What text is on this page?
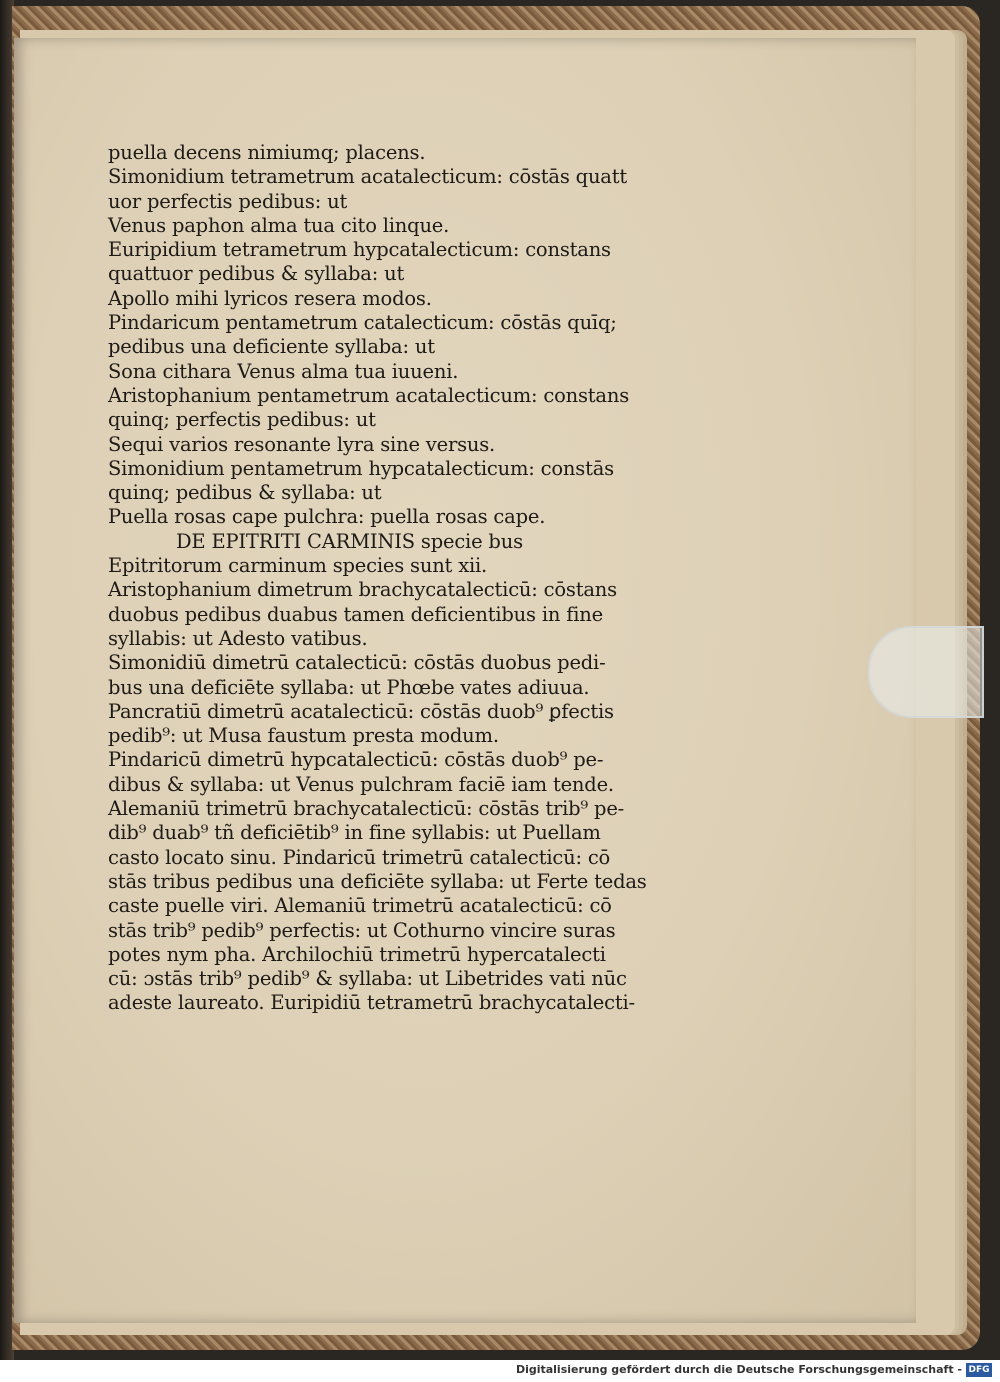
puella decens nimiumq; placens.
Simonidium tetrametrum acatalecticum: cōstās quatt
uor perfectis pedibus: ut
Venus paphon alma tua cito linque.
Euripidium tetrametrum hypcatalecticum: constans
quattuor pedibus & syllaba: ut
Apollo mihi lyricos resera modos.
Pindaricum pentametrum catalecticum: cōstās quīq;
pedibus una deficiente syllaba: ut
Sona cithara Venus alma tua iuueni.
Aristophanium pentametrum acatalecticum: constans
quinq; perfectis pedibus: ut
Sequi varios resonante lyra sine versus.
Simonidium pentametrum hypcatalecticum: constās
quinq; pedibus & syllaba: ut
Puella rosas cape pulchra: puella rosas cape.
DE EPITRITI CARMINIS specie bus
Epitritorum carminum species sunt xii.
Aristophanium dimetrum brachycatalecticū: cōstans
duobus pedibus duabus tamen deficientibus in fine
syllabis: ut Adesto vatibus.
Simonidiū dimetrū catalecticū: cōstās duobus pedi-
bus una deficiēte syllaba: ut Phœbe vates adiuua.
Pancratiū dimetrū acatalecticū: cōstās duob⁹ ꝑfectis
pedib⁹: ut Musa faustum presta modum.
Pindaricū dimetrū hypcatalecticū: cōstās duob⁹ pe-
dibus & syllaba: ut Venus pulchram faciē iam tende.
Alemaniū trimetrū brachycatalecticū: cōstās trib⁹ pe-
dib⁹ duab⁹ tñ deficiētib⁹ in fine syllabis: ut Puellam
casto locato sinu. Pindaricū trimetrū catalecticū: cō
stās tribus pedibus una deficiēte syllaba: ut Ferte tedas
caste puelle viri. Alemaniū trimetrū acatalecticū: cō
stās trib⁹ pedib⁹ perfectis: ut Cothurno vincire suras
potes nym pha. Archilochiū trimetrū hypercatalecti
cū: ɔstās trib⁹ pedib⁹ & syllaba: ut Libetrides vati nūc
adeste laureato. Euripidiū tetrametrū brachycatalecti-
Digitalisierung gefördert durch die Deutsche Forschungsgemeinschaft - DFG
